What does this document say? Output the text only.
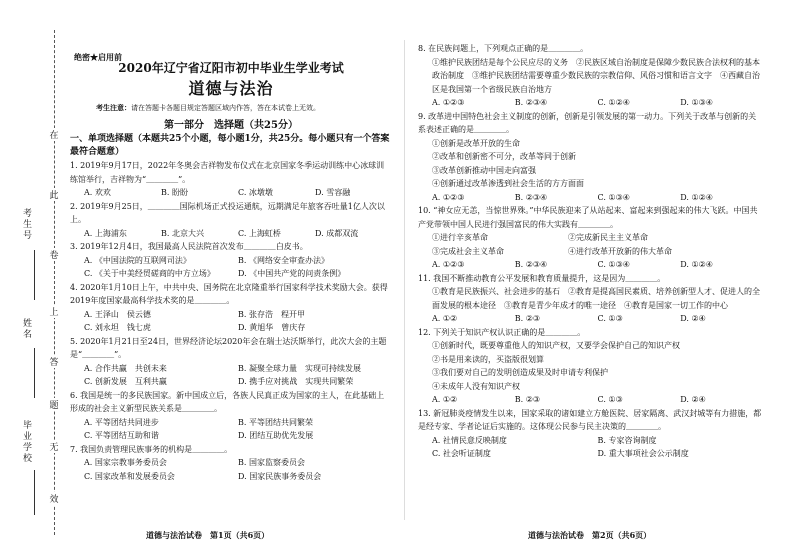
在
此
卷
上
答
题
无
效
考生号
姓名
毕业学校
绝密★启用前
2020年辽宁省辽阳市初中毕业生学业考试
道德与法治
考生注意：请在答题卡各题目规定答题区域内作答，答在本试卷上无效。
第一部分　选择题（共25分）
一、单项选择题（本题共25个小题，每小题1分，共25分。每小题只有一个答案最符合题意）

1. 2019年9月17日，2022年冬奥会吉祥物发布仪式在北京国家冬季运动训练中心冰球训练馆举行，吉祥物为“＿＿＿＿”。

A. 欢欢	B. 盼盼	C. 冰墩墩	D. 雪容融

2. 2019年9月25日，＿＿＿＿国际机场正式投运通航，远期满足年旅客吞吐量1亿人次以上。

A. 上海浦东	B. 北京大兴	C. 上海虹桥	D. 成都双流

3. 2019年12月4日，我国最高人民法院首次发布＿＿＿＿白皮书。

A. 《中国法院的互联网司法》	B. 《网络安全审查办法》
C. 《关于中美经贸磋商的中方立场》	D. 《中国共产党的问责条例》

4. 2020年1月10日上午，中共中央、国务院在北京隆重举行国家科学技术奖励大会。获得2019年度国家最高科学技术奖的是＿＿＿＿。

A. 王泽山　侯云德	B. 张存浩　程开甲
C. 刘永坦　钱七虎	D. 黄旭华　曾庆存

5. 2020年1月21日至24日，世界经济论坛2020年会在瑞士达沃斯举行，此次大会的主题是“＿＿＿＿”。

A. 合作共赢　共创未来	B. 凝聚全球力量　实现可持续发展
C. 创新发展　互利共赢	D. 携手应对挑战　实现共同繁荣

6. 我国是统一的多民族国家。新中国成立后，各族人民真正成为国家的主人，在此基础上形成的社会主义新型民族关系是＿＿＿＿。

A. 平等团结共同进步	B. 平等团结共同繁荣
C. 平等团结互助和谐	D. 团结互助优先发展

7. 我国负责管理民族事务的机构是＿＿＿＿。

A. 国家宗教事务委员会	B. 国家监察委员会
C. 国家改革和发展委员会	D. 国家民族事务委员会

8. 在民族问题上，下列观点正确的是＿＿＿＿。

①维护民族团结是每个公民应尽的义务　②民族区域自治制度是保障少数民族合法权利的基本政治制度　③维护民族团结需要尊重少数民族的宗教信仰、风俗习惯和语言文字　④西藏自治区是我国第一个省级民族自治地方

A. ①②③	B. ②③④	C. ①②④	D. ①③④

9. 改革进中国特色社会主义制度的创新，创新是引领发展的第一动力。下列关于改革与创新的关系表述正确的是＿＿＿＿。

①创新是改革开放的生命

②改革和创新密不可分，改革等同于创新

③改革创新推动中国走向富强

④创新通过改革渗透到社会生活的方方面面

A. ①②③	B. ②③④	C. ①③④	D. ①②④

10. “神女应无恙，当惊世界殊。”中华民族迎来了从站起来、富起来到强起来的伟大飞跃。中国共产党带领中国人民进行强国富民的伟大实践有＿＿＿＿。

①进行辛亥革命　　　　　　　　　　②完成新民主主义革命

③完成社会主义革命　　　　　　　　④进行改革开放新的伟大革命

A. ①②③	B. ②③④	C. ①③④	D. ①②④

11. 我国不断推动教育公平发展和教育质量提升，这是因为＿＿＿＿。

①教育是民族振兴、社会进步的基石　②教育是提高国民素质、培养创新型人才、促进人的全面发展的根本途径　③教育是青少年成才的唯一途径　④教育是国家一切工作的中心

A. ①②	B. ②③	C. ①③	D. ②④

12. 下列关于知识产权认识正确的是＿＿＿＿。

①创新时代，既要尊重他人的知识产权，又要学会保护自己的知识产权

②书是用来读的，买盗版很划算

③我们要对自己的发明创造成果及时申请专利保护

④未成年人没有知识产权

A. ①②	B. ②③	C. ①③	D. ②④

13. 新冠肺炎疫情发生以来，国家采取的诸如建立方舱医院、居家隔离、武汉封城等有力措施，都是经专家、学者论证后实施的。这体现公民参与民主决策的＿＿＿＿。

A. 社情民意反映制度	B. 专家咨询制度
C. 社会听证制度	D. 重大事项社会公示制度
道德与法治试卷　第1页（共6页）	道德与法治试卷　第2页（共6页）
